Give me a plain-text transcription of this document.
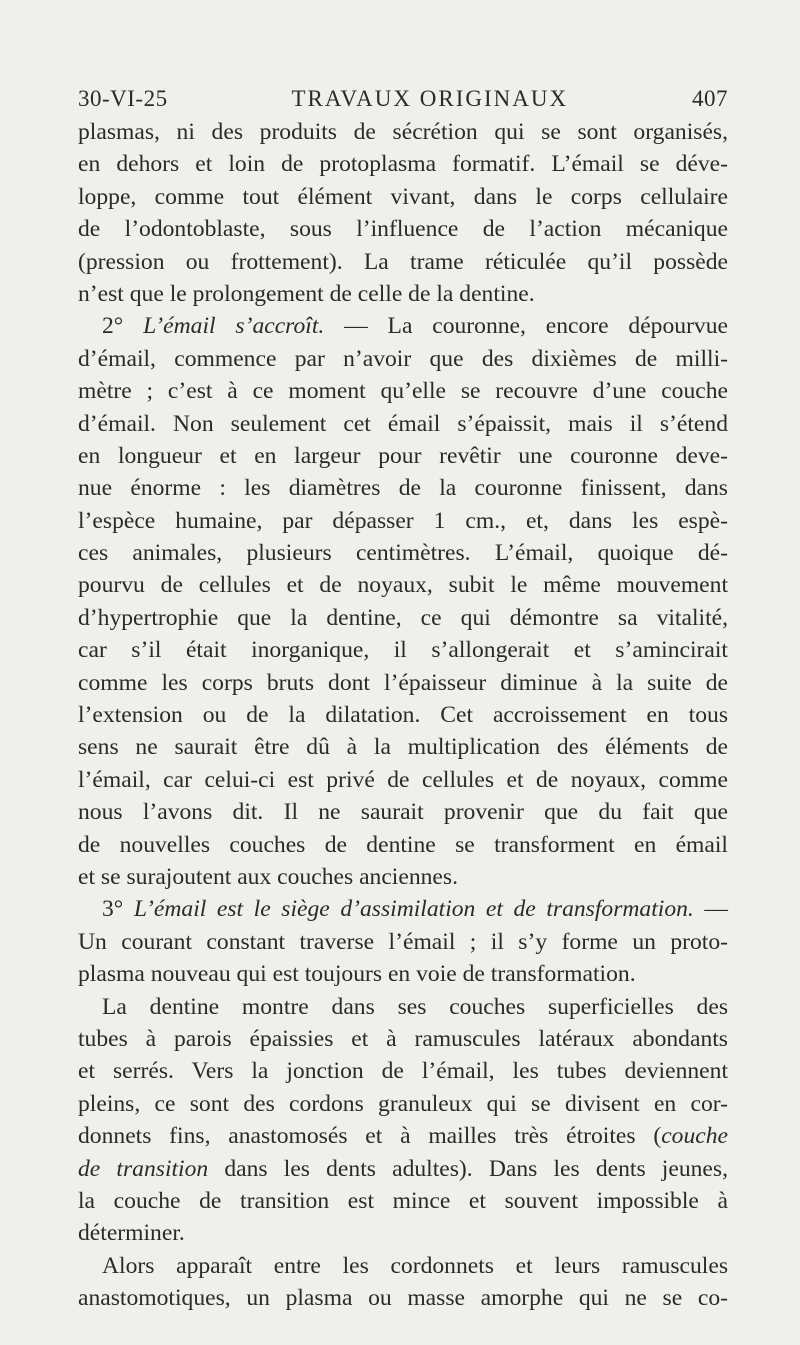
30-VI-25	TRAVAUX ORIGINAUX	407

plasmas, ni des produits de sécrétion qui se sont organisés,

en dehors et loin de protoplasma formatif. L’émail se déve-

loppe, comme tout élément vivant, dans le corps cellulaire

de l’odontoblaste, sous l’influence de l’action mécanique

(pression ou frottement). La trame réticulée qu’il possède

n’est que le prolongement de celle de la dentine.

2° L’émail s’accroît. — La couronne, encore dépourvue

d’émail, commence par n’avoir que des dixièmes de milli-

mètre ; c’est à ce moment qu’elle se recouvre d’une couche

d’émail. Non seulement cet émail s’épaissit, mais il s’étend

en longueur et en largeur pour revêtir une couronne deve-

nue énorme : les diamètres de la couronne finissent, dans

l’espèce humaine, par dépasser 1 cm., et, dans les espè-

ces animales, plusieurs centimètres. L’émail, quoique dé-

pourvu de cellules et de noyaux, subit le même mouvement

d’hypertrophie que la dentine, ce qui démontre sa vitalité,

car s’il était inorganique, il s’allongerait et s’amincirait

comme les corps bruts dont l’épaisseur diminue à la suite de

l’extension ou de la dilatation. Cet accroissement en tous

sens ne saurait être dû à la multiplication des éléments de

l’émail, car celui-ci est privé de cellules et de noyaux, comme

nous l’avons dit. Il ne saurait provenir que du fait que

de nouvelles couches de dentine se transforment en émail

et se surajoutent aux couches anciennes.

3° L’émail est le siège d’assimilation et de transformation. —

Un courant constant traverse l’émail ; il s’y forme un proto-

plasma nouveau qui est toujours en voie de transformation.

La dentine montre dans ses couches superficielles des

tubes à parois épaissies et à ramuscules latéraux abondants

et serrés. Vers la jonction de l’émail, les tubes deviennent

pleins, ce sont des cordons granuleux qui se divisent en cor-

donnets fins, anastomosés et à mailles très étroites (couche

de transition dans les dents adultes). Dans les dents jeunes,

la couche de transition est mince et souvent impossible à

déterminer.

Alors apparaît entre les cordonnets et leurs ramuscules

anastomotiques, un plasma ou masse amorphe qui ne se co-
